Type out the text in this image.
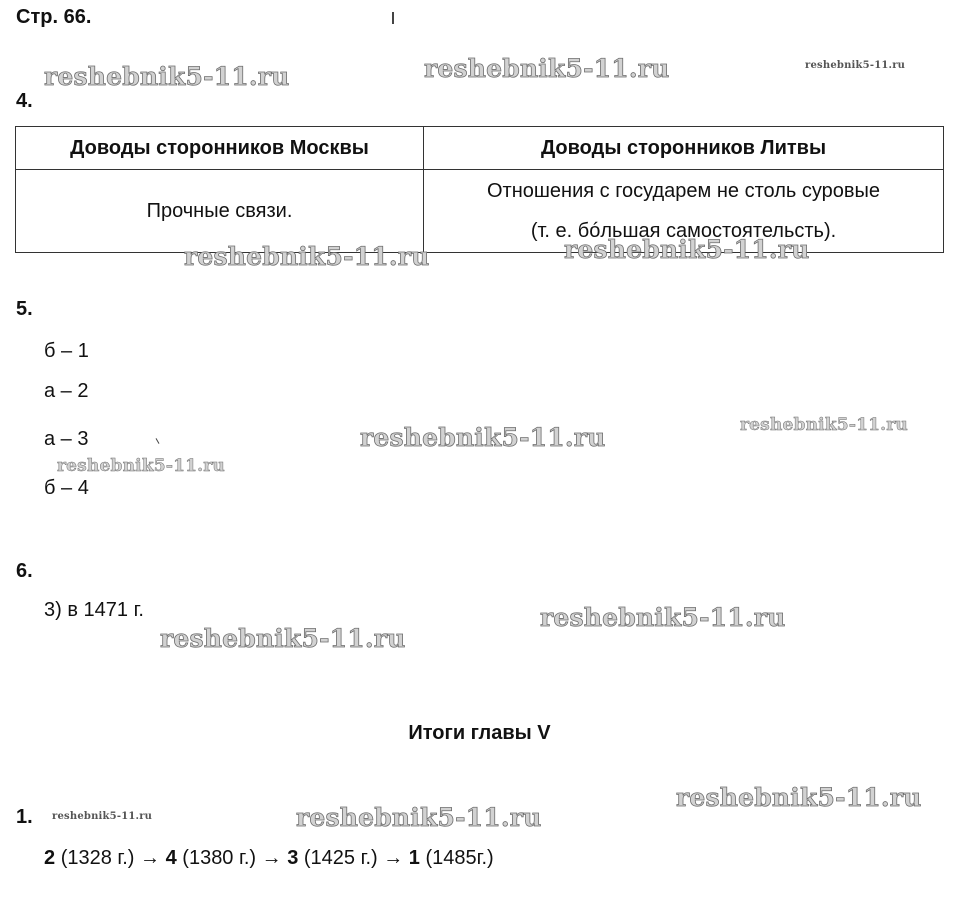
Стр. 66.
4.
Доводы сторонников Москвы	Доводы сторонников Литвы
Прочные связи.	Отношения с государем не столь суровые
(т. е. бóльшая самостоятельсть).
5.
б – 1
а – 2
а – 3
б – 4
6.
3) в 1471 г.
Итоги главы V
1.
2 (1328 г.) → 4 (1380 г.) → 3 (1425 г.) → 1 (1485г.)
reshebnik5-11.ru	reshebnik5-11.ru	reshebnik5-11.ru
reshebnik5-11.ru	reshebnik5-11.ru
reshebnik5-11.ru
reshebnik5-11.ru
reshebnik5-11.ru
reshebnik5-11.ru
reshebnik5-11.ru
reshebnik5-11.ru
reshebnik5-11.ru
reshebnik5-11.ru
